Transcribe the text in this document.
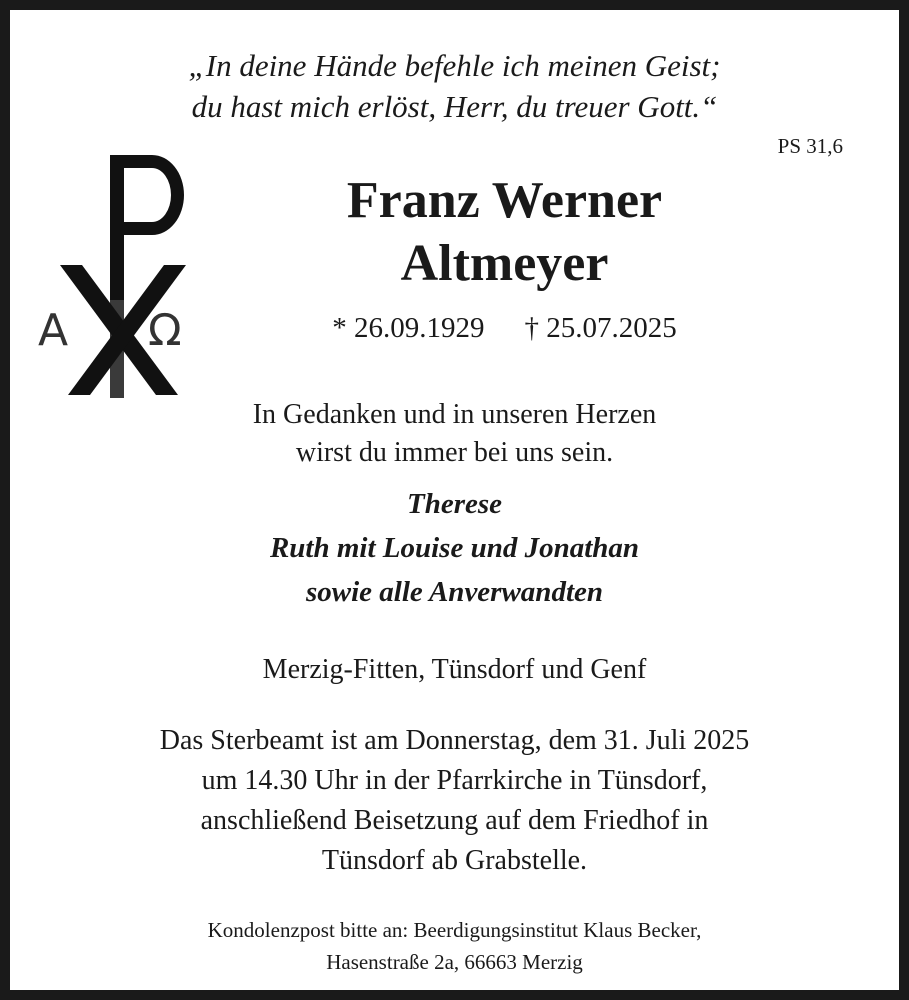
„In deine Hände befehle ich meinen Geist;
du hast mich erlöst, Herr, du treuer Gott.“
PS 31,6
Α Ω
Franz Werner
Altmeyer
* 26.09.1929 † 25.07.2025
In Gedanken und in unseren Herzen
wirst du immer bei uns sein.
Therese
Ruth mit Louise und Jonathan
sowie alle Anverwandten
Merzig-Fitten, Tünsdorf und Genf
Das Sterbeamt ist am Donnerstag, dem 31. Juli 2025
um 14.30 Uhr in der Pfarrkirche in Tünsdorf,
anschließend Beisetzung auf dem Friedhof in
Tünsdorf ab Grabstelle.
Kondolenzpost bitte an: Beerdigungsinstitut Klaus Becker,
Hasenstraße 2a, 66663 Merzig
